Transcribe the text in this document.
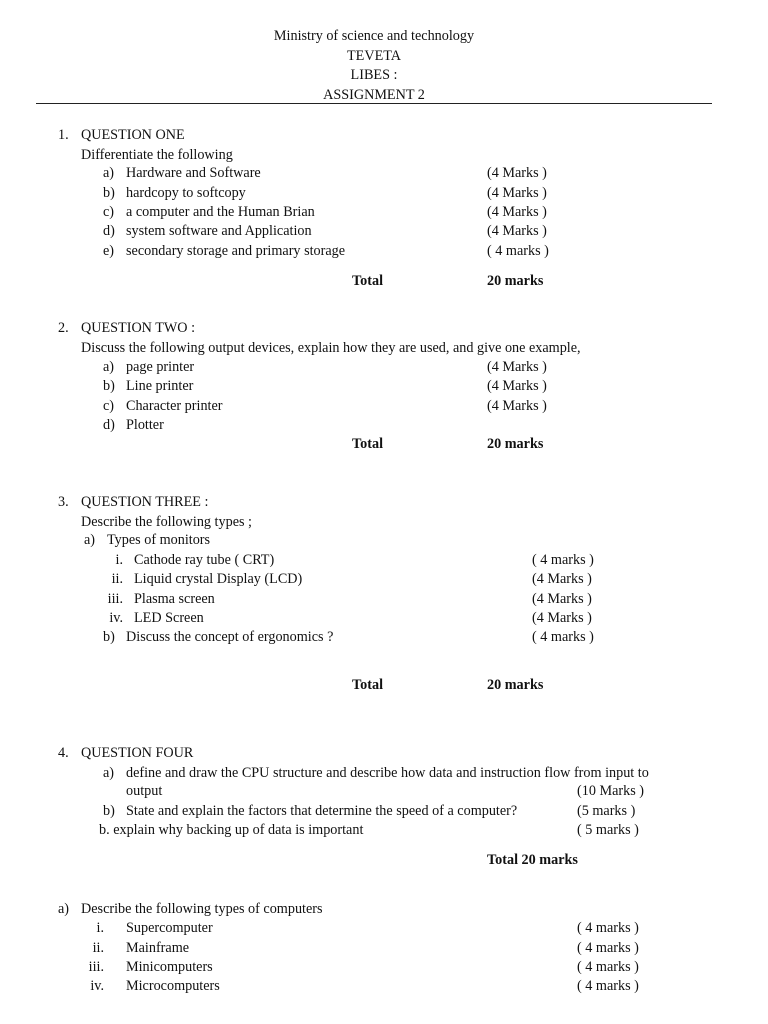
Ministry of science and technology
TEVETA
LIBES :
ASSIGNMENT 2
1. QUESTION ONE
Differentiate the following
a) Hardware and Software	(4 Marks )
b) hardcopy to softcopy	(4 Marks )
c) a computer and the Human Brian	(4 Marks )
d) system software and Application	(4 Marks )
e) secondary storage and primary storage	( 4 marks )
Total	20 marks
2. QUESTION TWO :
Discuss the following output devices, explain how they are used, and give one example,
a) page printer	(4 Marks )
b) Line printer	(4 Marks )
c) Character printer	(4 Marks )
d) Plotter
Total	20 marks
3. QUESTION THREE :
Describe the following types ;
a) Types of monitors
i. Cathode ray tube ( CRT)	( 4 marks )
ii. Liquid crystal Display (LCD)	(4 Marks )
iii. Plasma screen	(4 Marks )
iv. LED Screen	(4 Marks )
b) Discuss the concept of ergonomics ?	( 4 marks )
Total	20 marks
4. QUESTION FOUR
a) define and draw the CPU structure and describe how data and instruction flow from input to
output	(10 Marks )
b) State and explain the factors that determine the speed of a computer?	(5 marks )
b. explain why backing up of data is important	( 5 marks )
Total 20 marks
a) Describe the following types of computers
i. Supercomputer	( 4 marks )
ii. Mainframe	( 4 marks )
iii. Minicomputers	( 4 marks )
iv. Microcomputers	( 4 marks )
